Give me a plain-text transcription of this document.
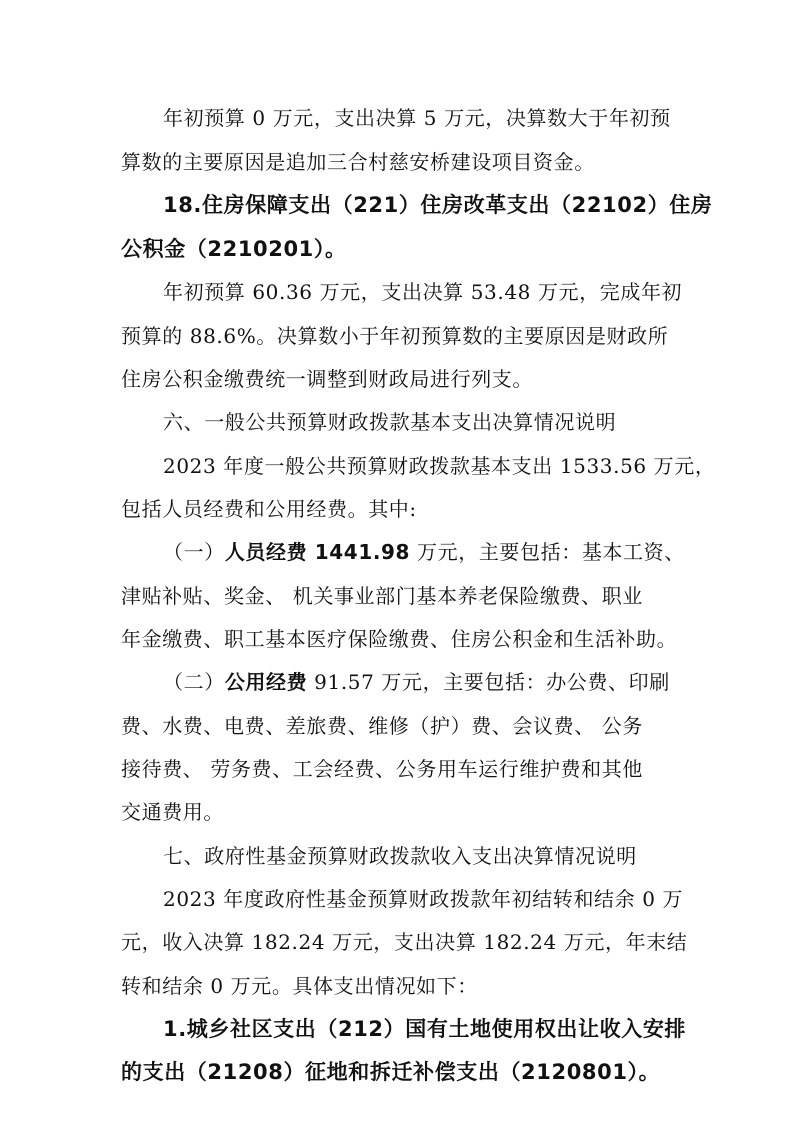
年初预算 0 万元，支出决算 5 万元，决算数大于年初预
算数的主要原因是追加三合村慈安桥建设项目资金。
18.住房保障支出（221）住房改革支出（22102）住房
公积金（2210201）。
年初预算 60.36 万元，支出决算 53.48 万元，完成年初
预算的 88.6%。决算数小于年初预算数的主要原因是财政所
住房公积金缴费统一调整到财政局进行列支。
六、一般公共预算财政拨款基本支出决算情况说明
2023 年度一般公共预算财政拨款基本支出 1533.56 万元，
包括人员经费和公用经费。其中:
（一）人员经费 1441.98 万元，主要包括：基本工资、
津贴补贴、奖金、 机关事业部门基本养老保险缴费、职业
年金缴费、职工基本医疗保险缴费、住房公积金和生活补助。
（二）公用经费 91.57 万元，主要包括：办公费、印刷
费、水费、电费、差旅费、维修（护）费、会议费、 公务
接待费、 劳务费、工会经费、公务用车运行维护费和其他
交通费用。
七、政府性基金预算财政拨款收入支出决算情况说明
2023 年度政府性基金预算财政拨款年初结转和结余 0 万
元，收入决算 182.24 万元，支出决算 182.24 万元，年末结
转和结余 0 万元。具体支出情况如下：
1.城乡社区支出（212）国有土地使用权出让收入安排
的支出（21208）征地和拆迁补偿支出（2120801）。
